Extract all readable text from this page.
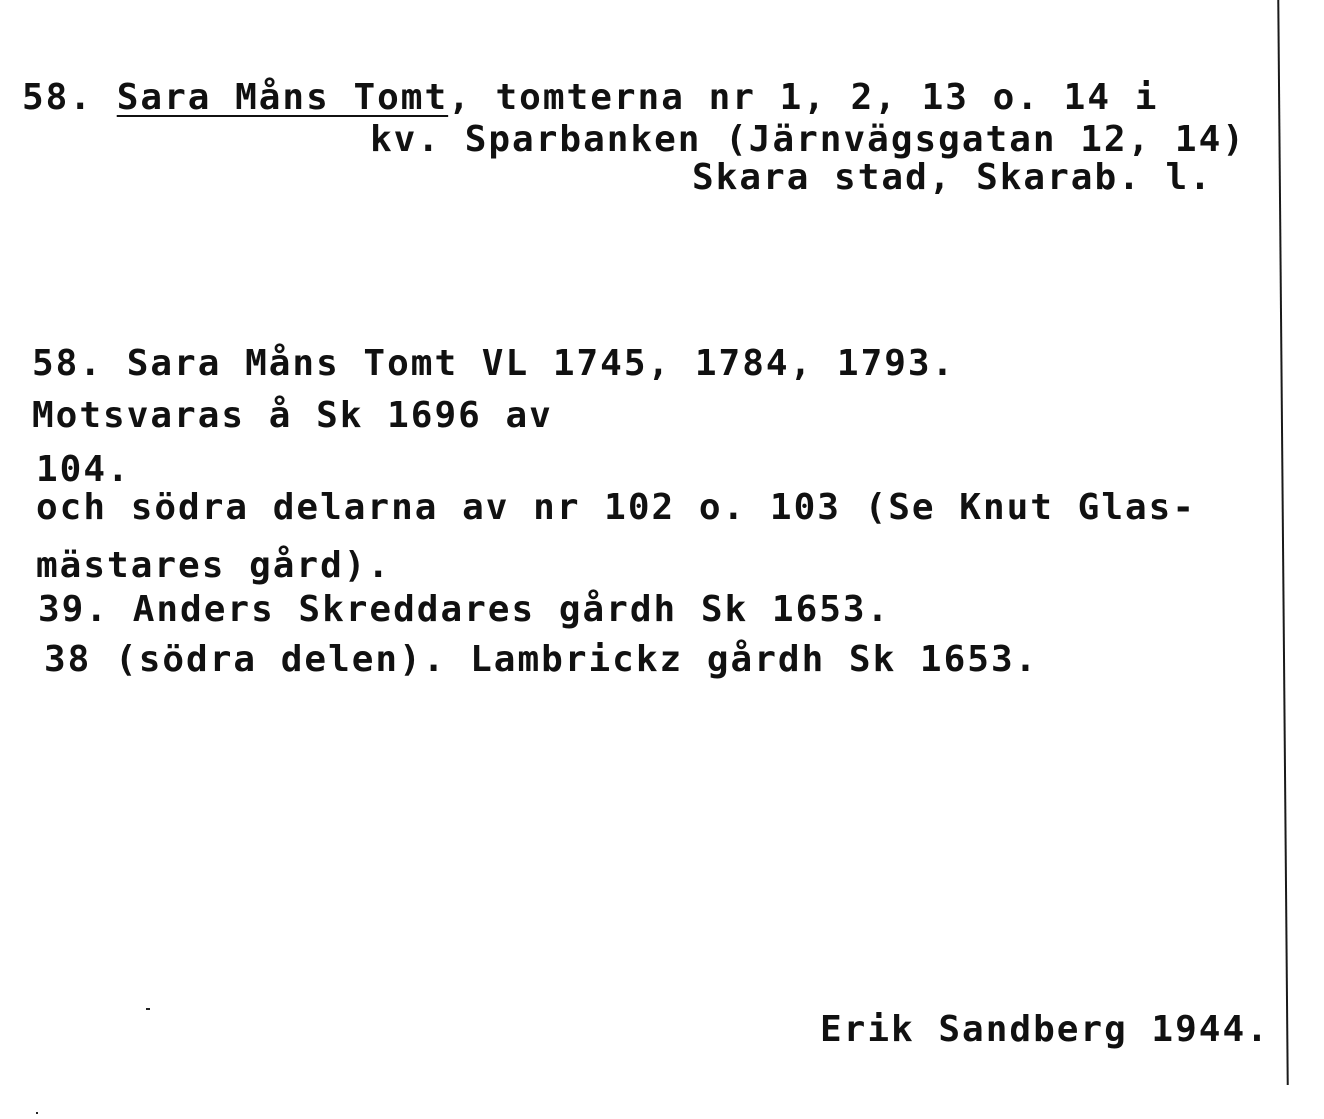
58. Sara Måns Tomt, tomterna nr 1, 2, 13 o. 14 i
kv. Sparbanken (Järnvägsgatan 12, 14)
Skara stad, Skarab. l.
58. Sara Måns Tomt VL 1745, 1784, 1793.
Motsvaras å Sk 1696 av
104.
och södra delarna av nr 102 o. 103 (Se Knut Glas-
mästares gård).
39. Anders Skreddares gårdh Sk 1653.
38 (södra delen). Lambrickz gårdh Sk 1653.
Erik Sandberg 1944.
